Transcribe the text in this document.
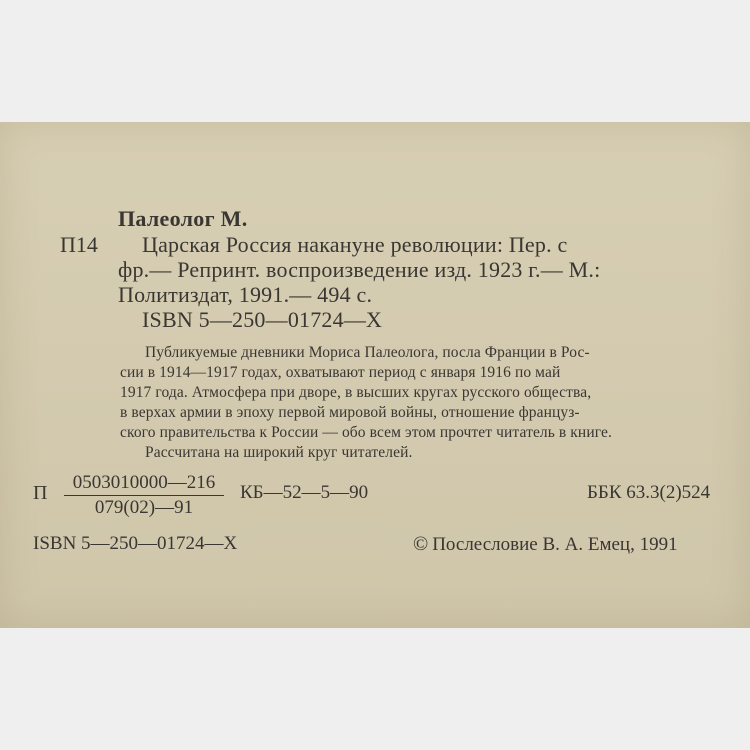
Палеолог М.
П14 Царская Россия накануне революции: Пер. с
фр.— Репринт. воспроизведение изд. 1923 г.— М.:
Политиздат, 1991.— 494 с.
ISBN 5—250—01724—X
Публикуемые дневники Мориса Палеолога, посла Франции в Рос-
сии в 1914—1917 годах, охватывают период с января 1916 по май
1917 года. Атмосфера при дворе, в высших кругах русского общества,
в верхах армии в эпоху первой мировой войны, отношение француз-
ского правительства к России — обо всем этом прочтет читатель в книге.
Рассчитана на широкий круг читателей.
П $\frac{0503010000—216}{079(02)—91}$ КБ—52—5—90	ББК 63.3(2)524
ISBN 5—250—01724—X	© Послесловие В. А. Емец, 1991
